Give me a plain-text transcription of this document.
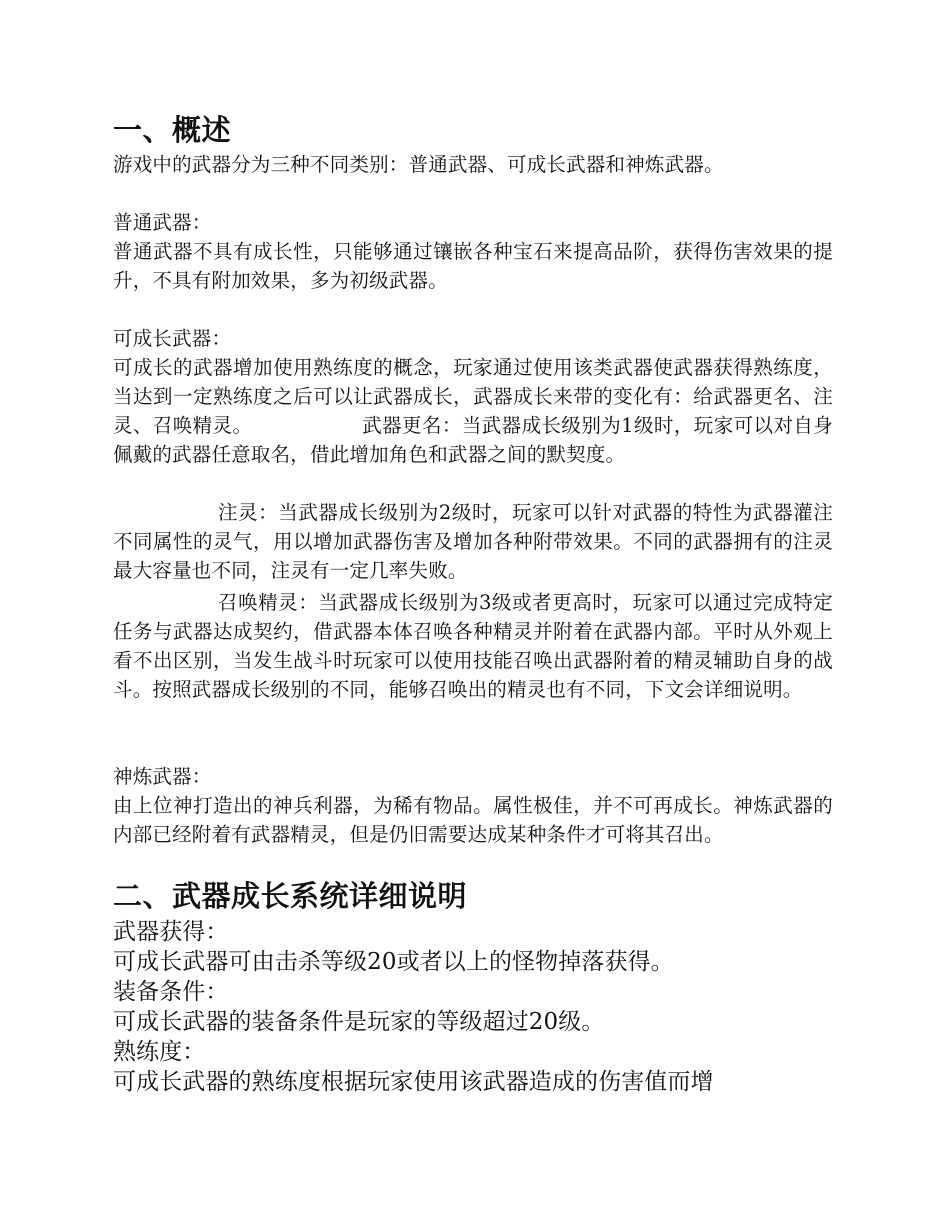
一、概述

游戏中的武器分为三种不同类别：普通武器、可成长武器和神炼武器。

普通武器：

普通武器不具有成长性，只能够通过镶嵌各种宝石来提高品阶，获得伤害效果的提升，不具有附加效果，多为初级武器。

可成长武器：

可成长的武器增加使用熟练度的概念，玩家通过使用该类武器使武器获得熟练度，当达到一定熟练度之后可以让武器成长，武器成长来带的变化有：给武器更名、注灵、召唤精灵。　　　　　　武器更名：当武器成长级别为1级时，玩家可以对自身佩戴的武器任意取名，借此增加角色和武器之间的默契度。

注灵：当武器成长级别为2级时，玩家可以针对武器的特性为武器灌注不同属性的灵气，用以增加武器伤害及增加各种附带效果。不同的武器拥有的注灵最大容量也不同，注灵有一定几率失败。

召唤精灵：当武器成长级别为3级或者更高时，玩家可以通过完成特定任务与武器达成契约，借武器本体召唤各种精灵并附着在武器内部。平时从外观上看不出区别，当发生战斗时玩家可以使用技能召唤出武器附着的精灵辅助自身的战斗。按照武器成长级别的不同，能够召唤出的精灵也有不同，下文会详细说明。

神炼武器：

由上位神打造出的神兵利器，为稀有物品。属性极佳，并不可再成长。神炼武器的内部已经附着有武器精灵，但是仍旧需要达成某种条件才可将其召出。

二、武器成长系统详细说明

武器获得：

可成长武器可由击杀等级20或者以上的怪物掉落获得。

装备条件：

可成长武器的装备条件是玩家的等级超过20级。

熟练度：

可成长武器的熟练度根据玩家使用该武器造成的伤害值而增
